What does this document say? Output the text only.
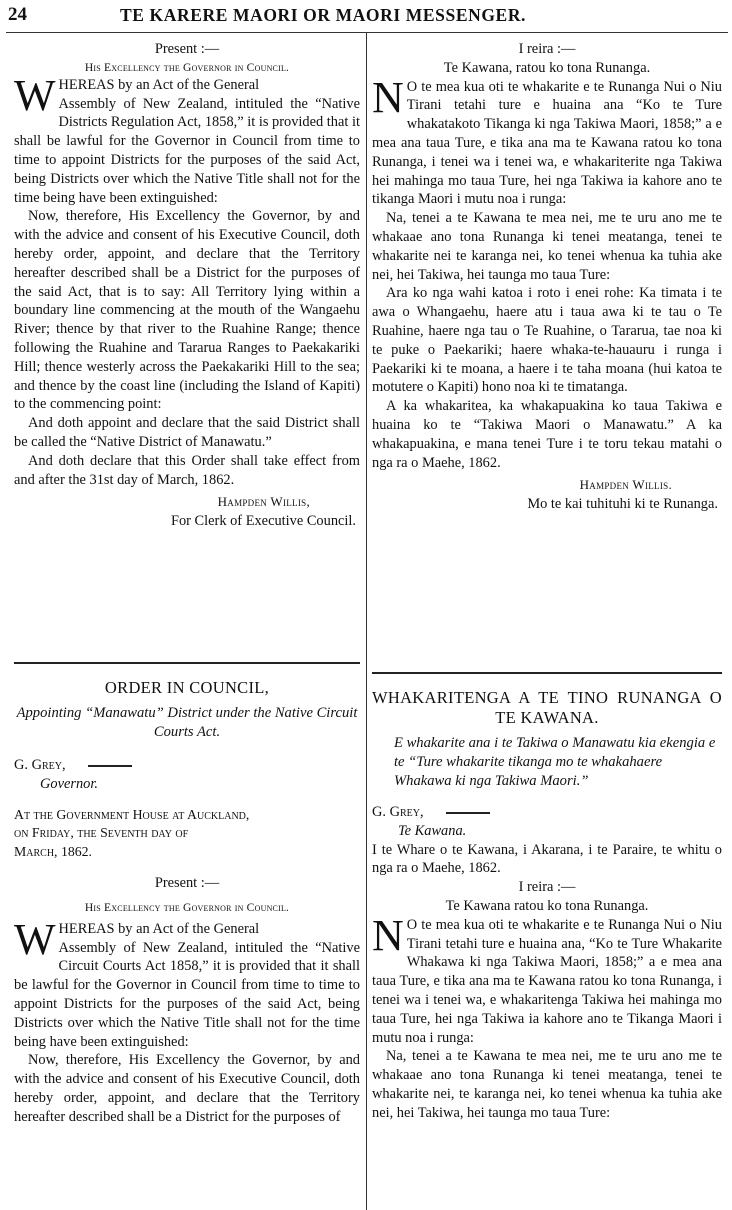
24	TE KARERE MAORI OR MAORI MESSENGER.

Present :—

His Excellency the Governor in Council.

WHEREAS by an Act of the General
Assembly of New Zealand, intituled the “Native Districts Regulation Act, 1858,” it is provided that it shall be lawful for the Governor in Council from time to time to appoint Districts for the purposes of the said Act, being Districts over which the Native Title shall not for the time being have been extinguished:

Now, therefore, His Excellency the Governor, by and with the advice and consent of his Executive Council, doth hereby order, appoint, and declare that the Territory hereafter described shall be a District for the purposes of the said Act, that is to say: All Territory lying within a boundary line commencing at the mouth of the Wangaehu River; thence by that river to the Ruahine Range; thence following the Ruahine and Tararua Ranges to Paekakariki Hill; thence westerly across the Paekakariki Hill to the sea; and thence by the coast line (including the Island of Kapiti) to the commencing point:

And doth appoint and declare that the said District shall be called the “Native District of Manawatu.”

And doth declare that this Order shall take effect from and after the 31st day of March, 1862.

Hampden Willis,

For Clerk of Executive Council.

ORDER IN COUNCIL,

Appointing “Manawatu” District under the Native Circuit Courts Act.

G. Grey,

Governor.

At the Government House at Auckland,
on Friday, the Seventh day of
March, 1862.

Present :—

His Excellency the Governor in Council.

WHEREAS by an Act of the General
Assembly of New Zealand, intituled the “Native Circuit Courts Act 1858,” it is provided that it shall be lawful for the Governor in Council from time to time to appoint Districts for the purposes of the said Act, being Districts over which the Native Title shall not for the time being have been extinguished:

Now, therefore, His Excellency the Governor, by and with the advice and consent of his Executive Council, doth hereby order, appoint, and declare that the Territory hereafter described shall be a District for the purposes of

I reira :—

Te Kawana, ratou ko tona Runanga.

N O te mea kua oti te whakarite e te Runanga Nui o Niu Tirani tetahi ture e huaina ana “Ko te Ture whakatakoto Tikanga ki nga Takiwa Maori, 1858;” a e mea ana taua Ture, e tika ana ma te Kawana ratou ko tona Runanga, i tenei wa i tenei wa, e whakariterite nga Takiwa hei mahinga mo taua Ture, hei nga Takiwa ia kahore ano te tikanga Maori i mutu noa i runga:

Na, tenei a te Kawana te mea nei, me te uru ano me te whakaae ano tona Runanga ki tenei meatanga, tenei te whakarite nei te karanga nei, ko tenei whenua ka tuhia ake nei, hei Takiwa, hei taunga mo taua Ture:

Ara ko nga wahi katoa i roto i enei rohe: Ka timata i te awa o Whangaehu, haere atu i taua awa ki te tau o Te Ruahine, haere nga tau o Te Ruahine, o Tararua, tae noa ki te puke o Paekariki; haere whaka-te-hauauru i runga i Paekariki ki te moana, a haere i te taha moana (hui katoa te motutere o Kapiti) hono noa ki te timatanga.

A ka whakaritea, ka whakapuakina ko taua Takiwa e huaina ko te “Takiwa Maori o Manawatu.” A ka whakapuakina, e mana tenei Ture i te toru tekau matahi o nga ra o Maehe, 1862.

Hampden Willis.

Mo te kai tuhituhi ki te Runanga.

WHAKARITENGA A TE TINO RUNANGA O TE KAWANA.

E whakarite ana i te Takiwa o Manawatu kia ekengia e te “Ture whakarite tikanga mo te whakahaere Whakawa ki nga Takiwa Maori.”

G. Grey,

Te Kawana.

I te Whare o te Kawana, i Akarana, i te Paraire, te whitu o nga ra o Maehe, 1862.

I reira :—

Te Kawana ratou ko tona Runanga.

N O te mea kua oti te whakarite e te Runanga Nui o Niu Tirani tetahi ture e huaina ana, “Ko te Ture Whakarite Whakawa ki nga Takiwa Maori, 1858;” a e mea ana taua Ture, e tika ana ma te Kawana ratou ko tona Runanga, i tenei wa i tenei wa, e whakaritenga Takiwa hei mahinga mo taua Ture, hei nga Takiwa ia kahore ano te Tikanga Maori i mutu noa i runga:

Na, tenei a te Kawana te mea nei, me te uru ano me te whakaae ano tona Runanga ki tenei meatanga, tenei te whakarite nei, te karanga nei, ko tenei whenua ka tuhia ake nei, hei Takiwa, hei taunga mo taua Ture:
